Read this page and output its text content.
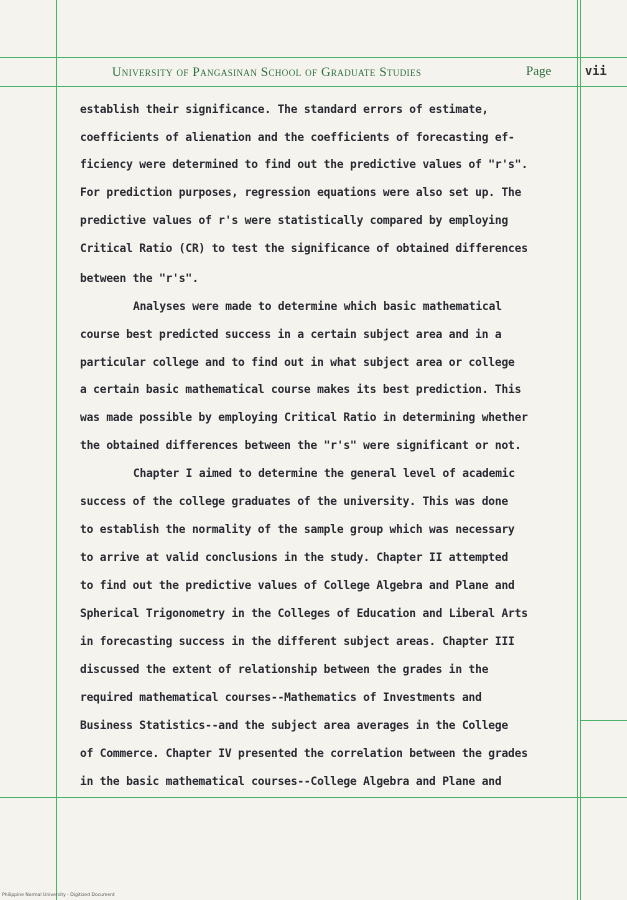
University of Pangasinan School of Graduate Studies	Page	vii
establish their significance. The standard errors of estimate,
coefficients of alienation and the coefficients of forecasting ef-
ficiency were determined to find out the predictive values of "r's".
For prediction purposes, regression equations were also set up. The
predictive values of r's were statistically compared by employing
Critical Ratio (CR) to test the significance of obtained differences
between the "r's".
Analyses were made to determine which basic mathematical
course best predicted success in a certain subject area and in a
particular college and to find out in what subject area or college
a certain basic mathematical course makes its best prediction. This
was made possible by employing Critical Ratio in determining whether
the obtained differences between the "r's" were significant or not.
Chapter I aimed to determine the general level of academic
success of the college graduates of the university. This was done
to establish the normality of the sample group which was necessary
to arrive at valid conclusions in the study. Chapter II attempted
to find out the predictive values of College Algebra and Plane and
Spherical Trigonometry in the Colleges of Education and Liberal Arts
in forecasting success in the different subject areas. Chapter III
discussed the extent of relationship between the grades in the
required mathematical courses--Mathematics of Investments and
Business Statistics--and the subject area averages in the College
of Commerce. Chapter IV presented the correlation between the grades
in the basic mathematical courses--College Algebra and Plane and
Philippine Normal University - Digitized Document
